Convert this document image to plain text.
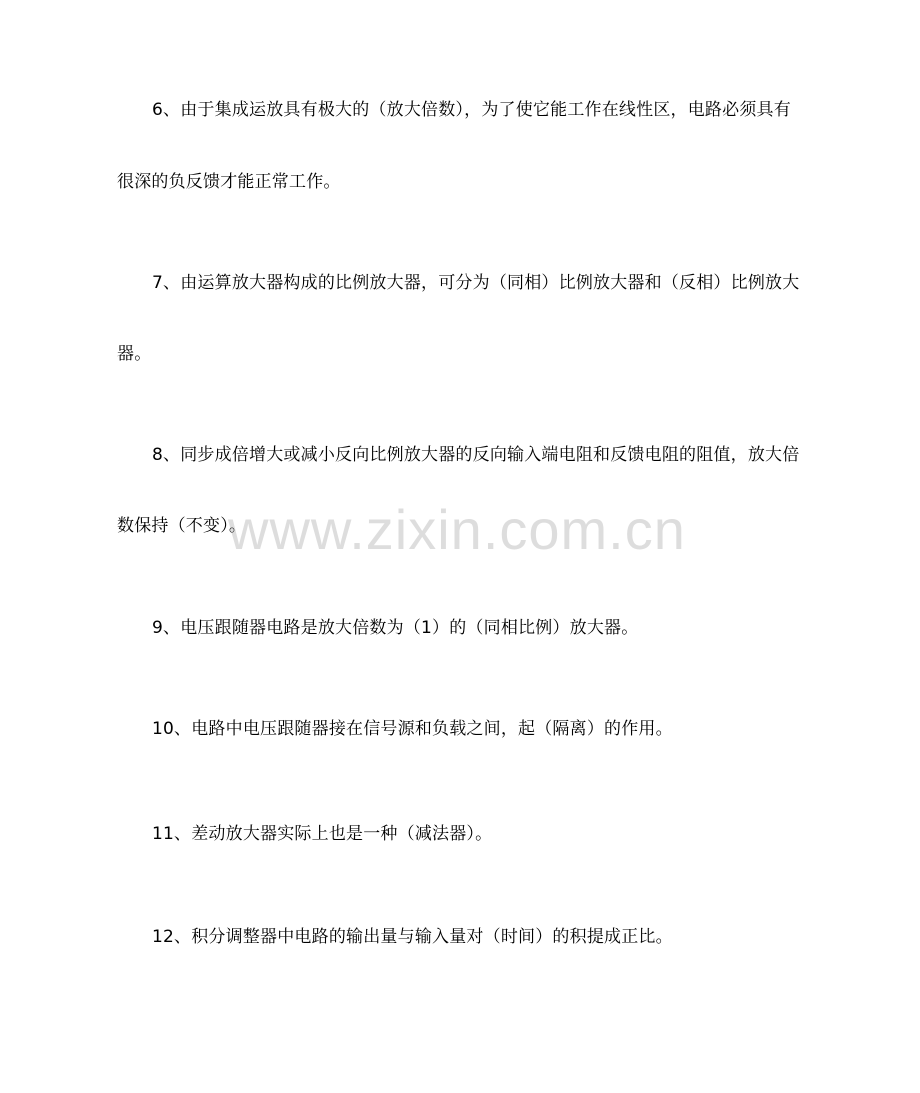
6、由于集成运放具有极大的（放大倍数），为了使它能工作在线性区，电路必须具有
很深的负反馈才能正常工作。
7、由运算放大器构成的比例放大器，可分为（同相）比例放大器和（反相）比例放大
器。
8、同步成倍增大或减小反向比例放大器的反向输入端电阻和反馈电阻的阻值，放大倍
数保持（不变）。
9、电压跟随器电路是放大倍数为（1）的（同相比例）放大器。
10、电路中电压跟随器接在信号源和负载之间，起（隔离）的作用。
11、差动放大器实际上也是一种（减法器）。
12、积分调整器中电路的输出量与输入量对（时间）的积提成正比。
www.zixin.com.cn
